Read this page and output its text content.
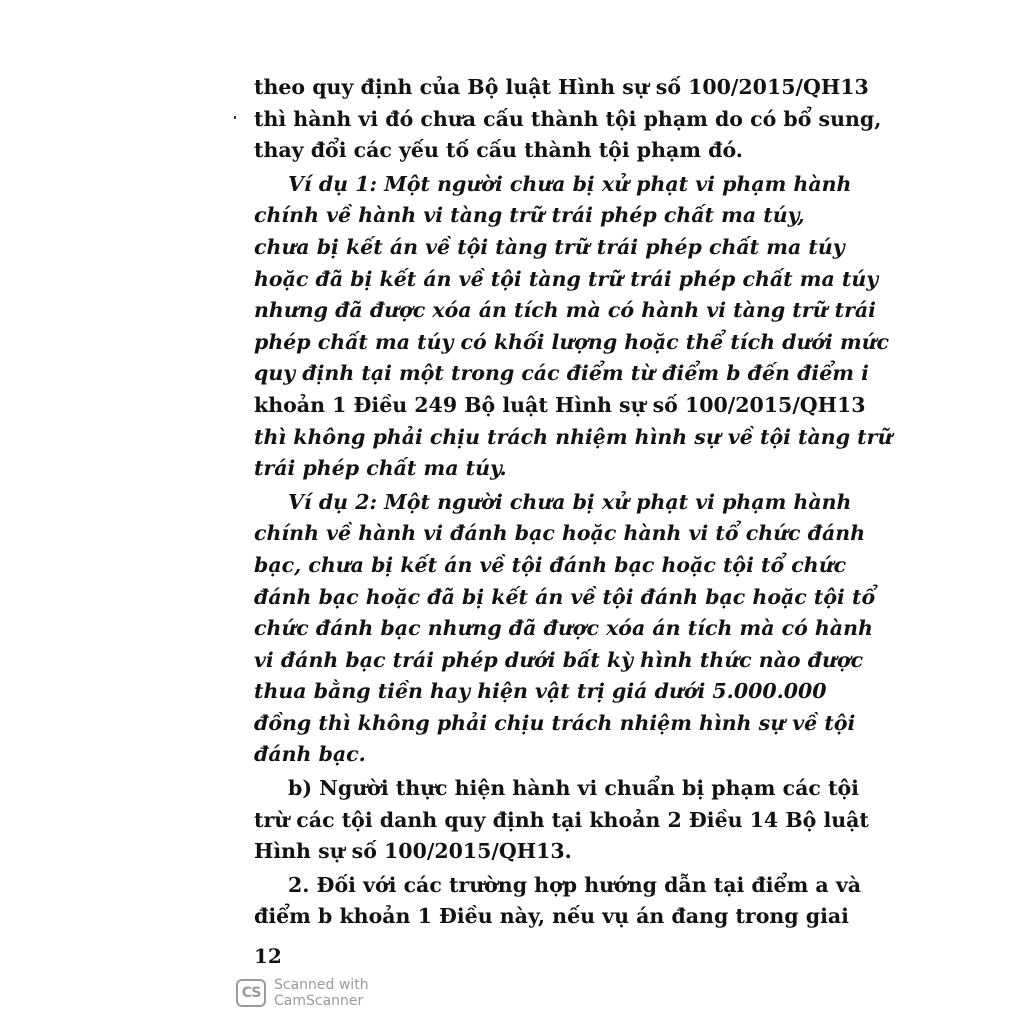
theo quy định của Bộ luật Hình sự số 100/2015/QH13
thì hành vi đó chưa cấu thành tội phạm do có bổ sung,
thay đổi các yếu tố cấu thành tội phạm đó.
Ví dụ 1: Một người chưa bị xử phạt vi phạm hành
chính về hành vi tàng trữ trái phép chất ma túy,
chưa bị kết án về tội tàng trữ trái phép chất ma túy
hoặc đã bị kết án về tội tàng trữ trái phép chất ma túy
nhưng đã được xóa án tích mà có hành vi tàng trữ trái
phép chất ma túy có khối lượng hoặc thể tích dưới mức
quy định tại một trong các điểm từ điểm b đến điểm i
khoản 1 Điều 249 Bộ luật Hình sự số 100/2015/QH13
thì không phải chịu trách nhiệm hình sự về tội tàng trữ
trái phép chất ma túy.
Ví dụ 2: Một người chưa bị xử phạt vi phạm hành
chính về hành vi đánh bạc hoặc hành vi tổ chức đánh
bạc, chưa bị kết án về tội đánh bạc hoặc tội tổ chức
đánh bạc hoặc đã bị kết án về tội đánh bạc hoặc tội tổ
chức đánh bạc nhưng đã được xóa án tích mà có hành
vi đánh bạc trái phép dưới bất kỳ hình thức nào được
thua bằng tiền hay hiện vật trị giá dưới 5.000.000
đồng thì không phải chịu trách nhiệm hình sự về tội
đánh bạc.
b) Người thực hiện hành vi chuẩn bị phạm các tội
trừ các tội danh quy định tại khoản 2 Điều 14 Bộ luật
Hình sự số 100/2015/QH13.
2. Đối với các trường hợp hướng dẫn tại điểm a và
điểm b khoản 1 Điều này, nếu vụ án đang trong giai
12
CS Scanned with
CamScanner
